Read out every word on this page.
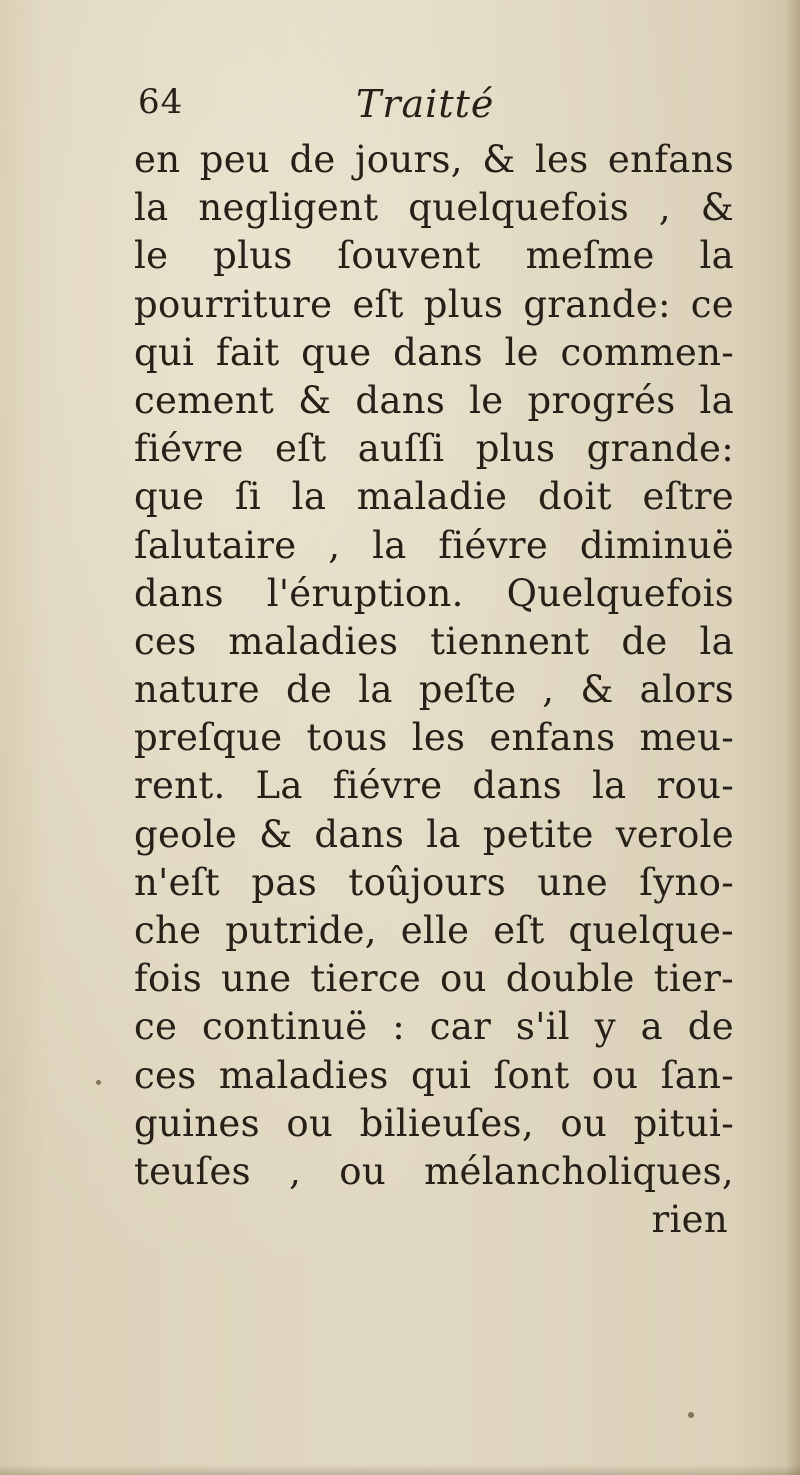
64	Traitté
en peu de jours, & les enfans
la negligent quelquefois , &
le plus ſouvent meſme la
pourriture eſt plus grande: ce
qui fait que dans le commen-
cement & dans le progrés la
fiévre eſt auſſi plus grande:
que ſi la maladie doit eſtre
ſalutaire , la fiévre diminuë
dans l'éruption. Quelquefois
ces maladies tiennent de la
nature de la peſte , & alors
preſque tous les enfans meu-
rent. La fiévre dans la rou-
geole & dans la petite verole
n'eſt pas toûjours une ſyno-
che putride, elle eſt quelque-
fois une tierce ou double tier-
ce continuë : car s'il y a de
ces maladies qui ſont ou ſan-
guines ou bilieuſes, ou pitui-
teuſes , ou mélancholiques,
rien
